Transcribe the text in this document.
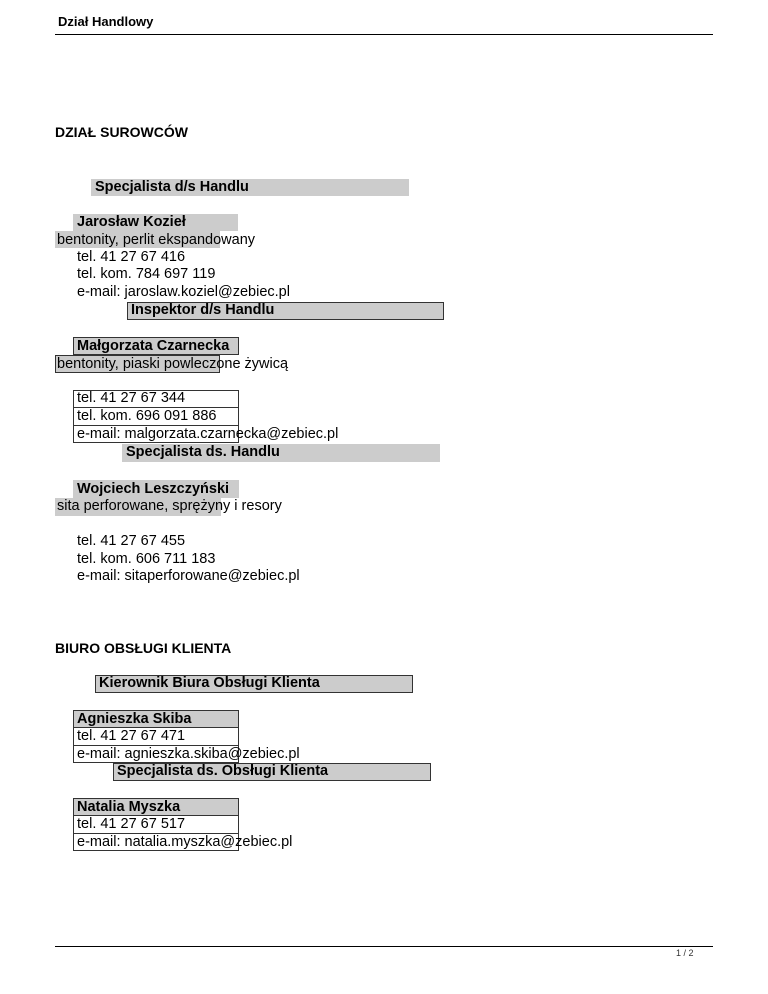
Dział Handlowy
DZIAŁ SUROWCÓW
Specjalista d/s Handlu
Jarosław Kozieł
bentonity, perlit ekspandowany
tel. 41 27 67 416
tel. kom. 784 697 119
e-mail: jaroslaw.koziel@zebiec.pl
Inspektor d/s Handlu
Małgorzata Czarnecka
bentonity, piaski powleczone żywicą
tel. 41 27 67 344
tel. kom. 696 091 886
e-mail: malgorzata.czarnecka@zebiec.pl
Specjalista ds. Handlu
Wojciech Leszczyński
sita perforowane, sprężyny i resory
tel. 41 27 67 455
tel. kom. 606 711 183
e-mail: sitaperforowane@zebiec.pl
BIURO OBSŁUGI KLIENTA
Kierownik Biura Obsługi Klienta
Agnieszka Skiba
tel. 41 27 67 471
e-mail: agnieszka.skiba@zebiec.pl
Specjalista ds. Obsługi Klienta
Natalia Myszka
tel. 41 27 67 517
e-mail: natalia.myszka@zebiec.pl
1 / 2
